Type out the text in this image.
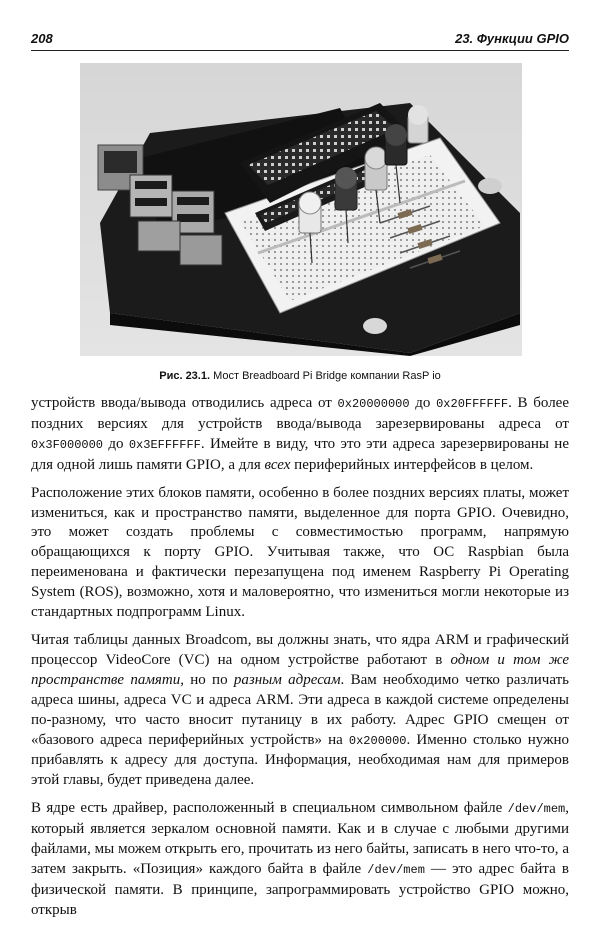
208	23. Функции GPIO
Рис. 23.1. Мост Breadboard Pi Bridge компании RasP io

устройств ввода/вывода отводились адреса от 0x20000000 до 0x20FFFFFF. В более поздних версиях для устройств ввода/вывода зарезервированы адреса от 0x3F000000 до 0x3EFFFFFF. Имейте в виду, что это эти адреса зарезервированы не для одной лишь памяти GPIO, а для всех периферийных интерфейсов в целом.

Расположение этих блоков памяти, особенно в более поздних версиях платы, может измениться, как и пространство памяти, выделенное для порта GPIO. Очевидно, это может создать проблемы с совместимостью программ, напрямую обращающихся к порту GPIO. Учитывая также, что ОС Raspbian была переименована и фактически перезапущена под именем Raspberry Pi Operating System (ROS), возможно, хотя и маловероятно, что измениться могли некоторые из стандартных подпрограмм Linux.

Читая таблицы данных Broadcom, вы должны знать, что ядра ARM и графический процессор VideoCore (VC) на одном устройстве работают в одном и том же пространстве памяти, но по разным адресам. Вам необходимо четко различать адреса шины, адреса VC и адреса ARM. Эти адреса в каждой системе определены по-разному, что часто вносит путаницу в их работу. Адрес GPIO смещен от «базового адреса периферийных устройств» на 0x200000. Именно столько нужно прибавлять к адресу для доступа. Информация, необходимая нам для примеров этой главы, будет приведена далее.

В ядре есть драйвер, расположенный в специальном символьном файле /dev/mem, который является зеркалом основной памяти. Как и в случае с любыми другими файлами, мы можем открыть его, прочитать из него байты, записать в него что-то, а затем закрыть. «Позиция» каждого байта в файле /dev/mem — это адрес байта в физической памяти. В принципе, запрограммировать устройство GPIO можно, открыв
